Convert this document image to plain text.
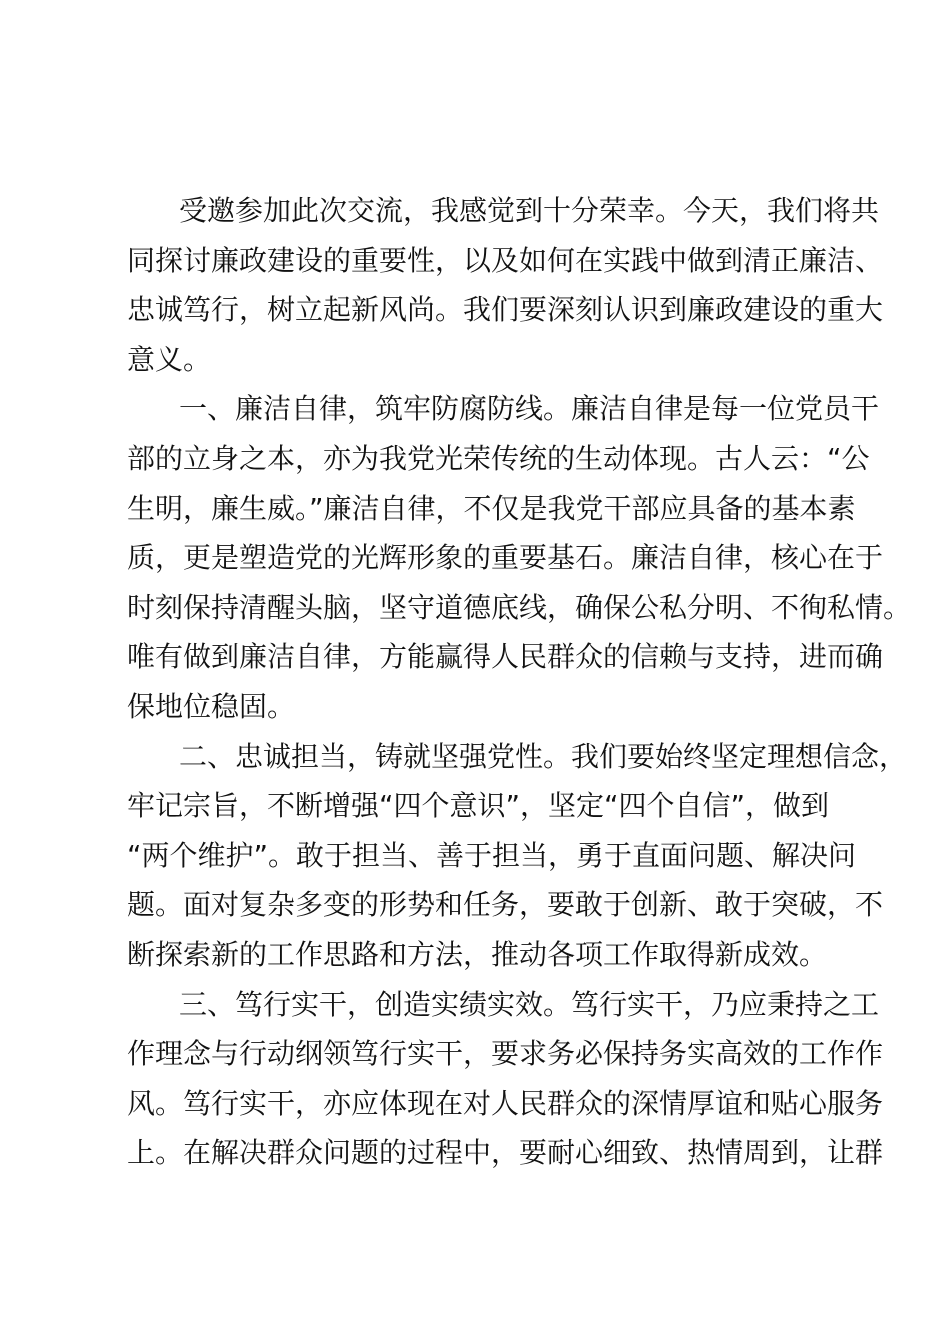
受邀参加此次交流，我感觉到十分荣幸。今天，我们将共
同探讨廉政建设的重要性，以及如何在实践中做到清正廉洁、
忠诚笃行，树立起新风尚。我们要深刻认识到廉政建设的重大
意义。
一、廉洁自律，筑牢防腐防线。廉洁自律是每一位党员干
部的立身之本，亦为我党光荣传统的生动体现。古人云：“公
生明，廉生威。”廉洁自律，不仅是我党干部应具备的基本素
质，更是塑造党的光辉形象的重要基石。廉洁自律，核心在于
时刻保持清醒头脑，坚守道德底线，确保公私分明、不徇私情。
唯有做到廉洁自律，方能赢得人民群众的信赖与支持，进而确
保地位稳固。
二、忠诚担当，铸就坚强党性。我们要始终坚定理想信念，
牢记宗旨，不断增强“四个意识”，坚定“四个自信”，做到
“两个维护”。敢于担当、善于担当，勇于直面问题、解决问
题。面对复杂多变的形势和任务，要敢于创新、敢于突破，不
断探索新的工作思路和方法，推动各项工作取得新成效。
三、笃行实干，创造实绩实效。笃行实干，乃应秉持之工
作理念与行动纲领笃行实干，要求务必保持务实高效的工作作
风。笃行实干，亦应体现在对人民群众的深情厚谊和贴心服务
上。在解决群众问题的过程中，要耐心细致、热情周到，让群
